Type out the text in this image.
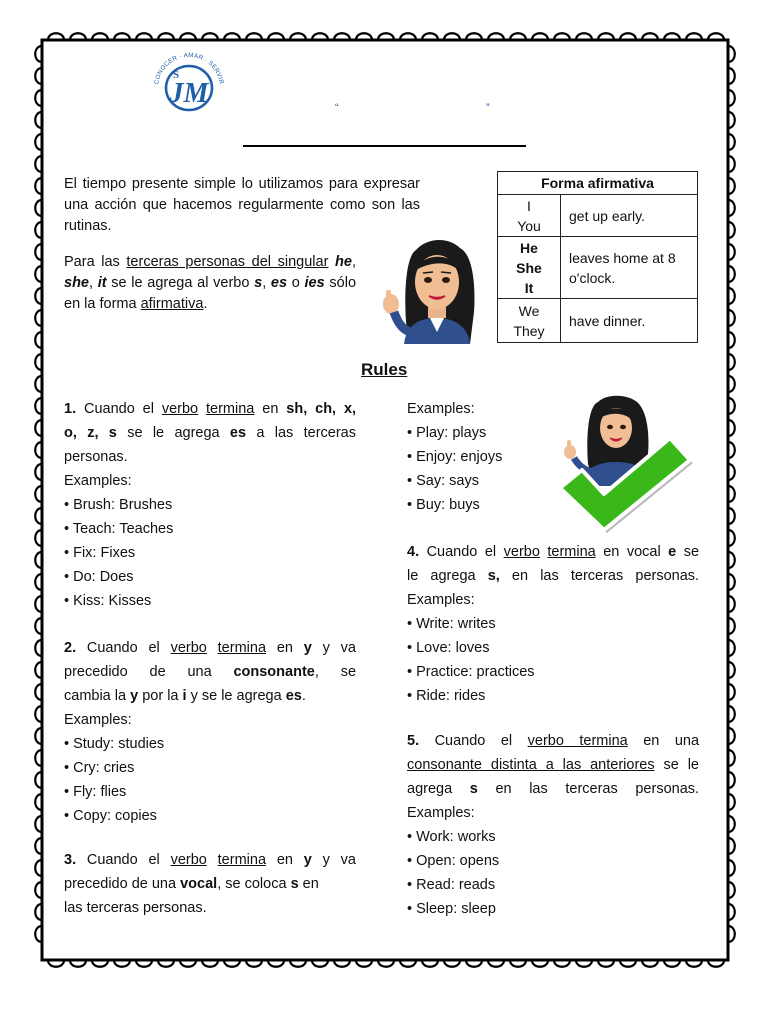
CONOCER · AMAR · SERVIR
JM
S
“	”
El tiempo presente simple lo utilizamos para expresar una acción que hacemos regularmente como son las rutinas.
Para las terceras personas del singular he, she, it se le agrega al verbo s, es o ies sólo en la forma afirmativa.
Forma afirmativa	

I
You	get up early.

He
She
It	leaves home at 8 o'clock.

We
They	have dinner.
Rules
1. Cuando el verbo termina en sh, ch, x,
o, z, s se le agrega es a las terceras
personas.
Examples:
• Brush: Brushes
• Teach: Teaches
• Fix: Fixes
• Do: Does
• Kiss: Kisses
2. Cuando el verbo termina en y y va
precedido de una consonante, se
cambia la y por la i y se le agrega es.
Examples:
• Study: studies
• Cry: cries
• Fly: flies
• Copy: copies
3. Cuando el verbo termina en y y va
precedido de una vocal, se coloca s en
las terceras personas.
Examples:
• Play: plays
• Enjoy: enjoys
• Say: says
• Buy: buys
4. Cuando el verbo termina en vocal e se
le agrega s, en las terceras personas.
Examples:
• Write: writes
• Love: loves
• Practice: practices
• Ride: rides
5. Cuando el verbo termina en una
consonante distinta a las anteriores se le
agrega s en las terceras personas.
Examples:
• Work: works
• Open: opens
• Read: reads
• Sleep: sleep
